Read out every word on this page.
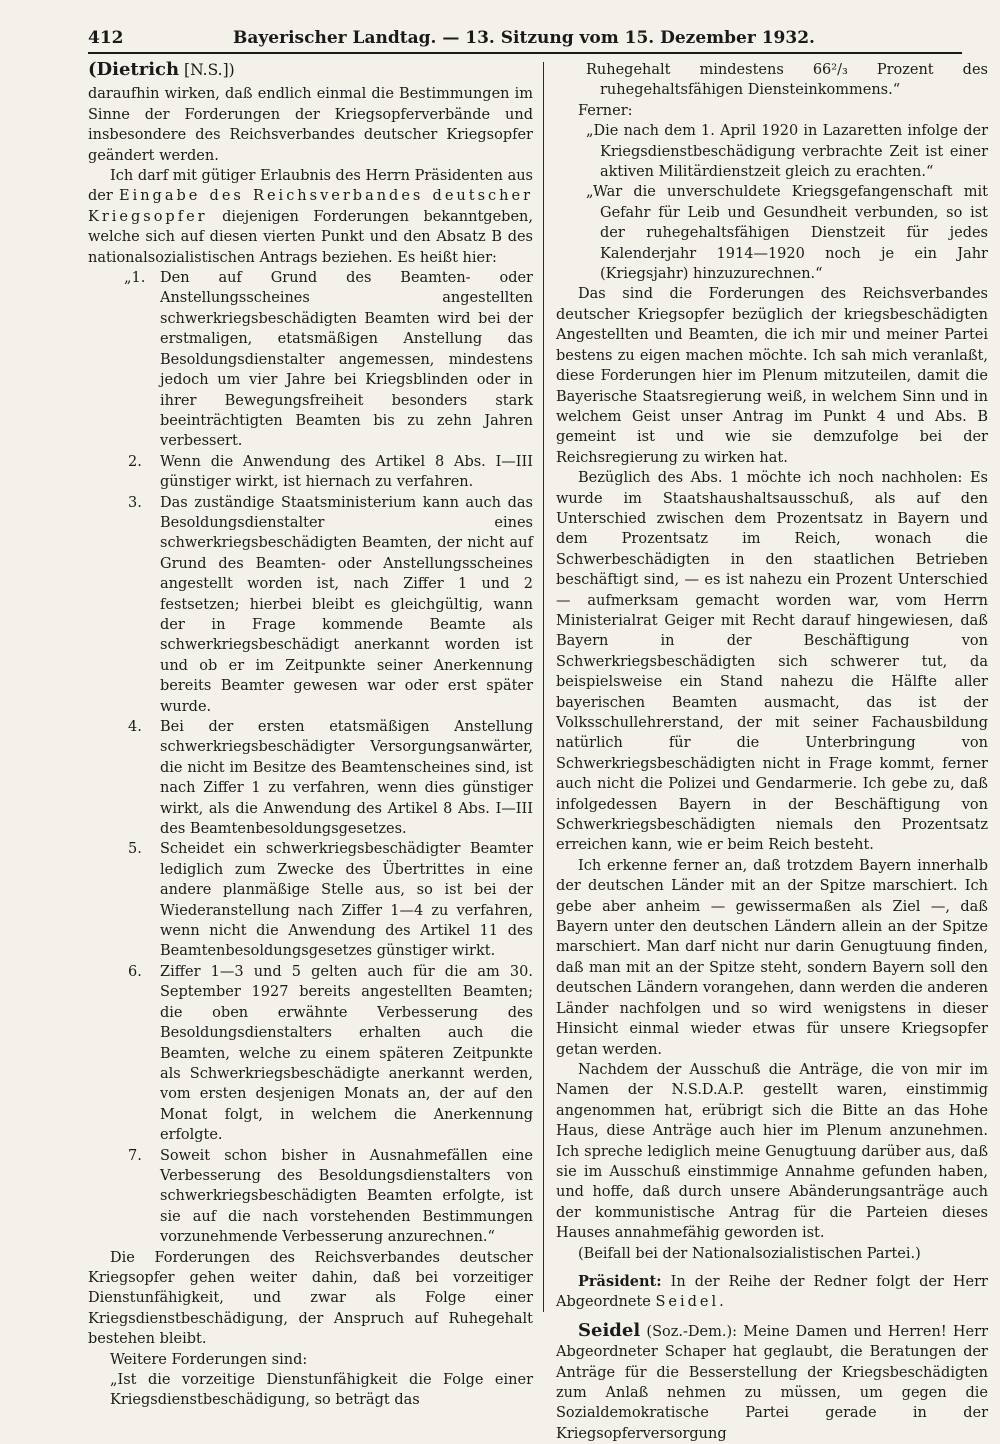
412	Bayerischer Landtag. — 13. Sitzung vom 15. Dezember 1932.

(Dietrich [N.S.])

daraufhin wirken, daß endlich einmal die Bestimmungen im Sinne der Forderungen der Kriegsopferverbände und insbesondere des Reichsverbandes deutscher Kriegsopfer geändert werden.

Ich darf mit gütiger Erlaubnis des Herrn Präsidenten aus der Eingabe des Reichsverbandes deutscher Kriegsopfer diejenigen Forderungen bekanntgeben, welche sich auf diesen vierten Punkt und den Absatz B des nationalsozialistischen Antrags beziehen. Es heißt hier:

„1. Den auf Grund des Beamten- oder Anstellungsscheines angestellten schwerkriegsbeschädigten Beamten wird bei der erstmaligen, etatsmäßigen Anstellung das Besoldungsdienstalter angemessen, mindestens jedoch um vier Jahre bei Kriegsblinden oder in ihrer Bewegungsfreiheit besonders stark beeinträchtigten Beamten bis zu zehn Jahren verbessert.
2. Wenn die Anwendung des Artikel 8 Abs. I—III günstiger wirkt, ist hiernach zu verfahren.
3. Das zuständige Staatsministerium kann auch das Besoldungsdienstalter eines schwerkriegsbeschädigten Beamten, der nicht auf Grund des Beamten- oder Anstellungsscheines angestellt worden ist, nach Ziffer 1 und 2 festsetzen; hierbei bleibt es gleichgültig, wann der in Frage kommende Beamte als schwerkriegsbeschädigt anerkannt worden ist und ob er im Zeitpunkte seiner Anerkennung bereits Beamter gewesen war oder erst später wurde.
4. Bei der ersten etatsmäßigen Anstellung schwerkriegsbeschädigter Versorgungsanwärter, die nicht im Besitze des Beamtenscheines sind, ist nach Ziffer 1 zu verfahren, wenn dies günstiger wirkt, als die Anwendung des Artikel 8 Abs. I—III des Beamtenbesoldungsgesetzes.
5. Scheidet ein schwerkriegsbeschädigter Beamter lediglich zum Zwecke des Übertrittes in eine andere planmäßige Stelle aus, so ist bei der Wiederanstellung nach Ziffer 1—4 zu verfahren, wenn nicht die Anwendung des Artikel 11 des Beamtenbesoldungsgesetzes günstiger wirkt.
6. Ziffer 1—3 und 5 gelten auch für die am 30. September 1927 bereits angestellten Beamten; die oben erwähnte Verbesserung des Besoldungsdienstalters erhalten auch die Beamten, welche zu einem späteren Zeitpunkte als Schwerkriegsbeschädigte anerkannt werden, vom ersten desjenigen Monats an, der auf den Monat folgt, in welchem die Anerkennung erfolgte.
7. Soweit schon bisher in Ausnahmefällen eine Verbesserung des Besoldungsdienstalters von schwerkriegsbeschädigten Beamten erfolgte, ist sie auf die nach vorstehenden Bestimmungen vorzunehmende Verbesserung anzurechnen.“

Die Forderungen des Reichsverbandes deutscher Kriegsopfer gehen weiter dahin, daß bei vorzeitiger Dienstunfähigkeit, und zwar als Folge einer Kriegsdienstbeschädigung, der Anspruch auf Ruhegehalt bestehen bleibt.

Weitere Forderungen sind:

„Ist die vorzeitige Dienstunfähigkeit die Folge einer Kriegsdienstbeschädigung, so beträgt das

Ruhegehalt mindestens 66²/₃ Prozent des ruhegehaltsfähigen Diensteinkommens.“

Ferner:

„Die nach dem 1. April 1920 in Lazaretten infolge der Kriegsdienstbeschädigung verbrachte Zeit ist einer aktiven Militärdienstzeit gleich zu erachten.“

„War die unverschuldete Kriegsgefangenschaft mit Gefahr für Leib und Gesundheit verbunden, so ist der ruhegehaltsfähigen Dienstzeit für jedes Kalenderjahr 1914—1920 noch je ein Jahr (Kriegsjahr) hinzuzurechnen.“

Das sind die Forderungen des Reichsverbandes deutscher Kriegsopfer bezüglich der kriegsbeschädigten Angestellten und Beamten, die ich mir und meiner Partei bestens zu eigen machen möchte. Ich sah mich veranlaßt, diese Forderungen hier im Plenum mitzuteilen, damit die Bayerische Staatsregierung weiß, in welchem Sinn und in welchem Geist unser Antrag im Punkt 4 und Abs. B gemeint ist und wie sie demzufolge bei der Reichsregierung zu wirken hat.

Bezüglich des Abs. 1 möchte ich noch nachholen: Es wurde im Staatshaushaltsausschuß, als auf den Unterschied zwischen dem Prozentsatz in Bayern und dem Prozentsatz im Reich, wonach die Schwerbeschädigten in den staatlichen Betrieben beschäftigt sind, — es ist nahezu ein Prozent Unterschied — aufmerksam gemacht worden war, vom Herrn Ministerialrat Geiger mit Recht darauf hingewiesen, daß Bayern in der Beschäftigung von Schwerkriegsbeschädigten sich schwerer tut, da beispielsweise ein Stand nahezu die Hälfte aller bayerischen Beamten ausmacht, das ist der Volksschullehrerstand, der mit seiner Fachausbildung natürlich für die Unterbringung von Schwerkriegsbeschädigten nicht in Frage kommt, ferner auch nicht die Polizei und Gendarmerie. Ich gebe zu, daß infolgedessen Bayern in der Beschäftigung von Schwerkriegsbeschädigten niemals den Prozentsatz erreichen kann, wie er beim Reich besteht.

Ich erkenne ferner an, daß trotzdem Bayern innerhalb der deutschen Länder mit an der Spitze marschiert. Ich gebe aber anheim — gewissermaßen als Ziel —, daß Bayern unter den deutschen Ländern allein an der Spitze marschiert. Man darf nicht nur darin Genugtuung finden, daß man mit an der Spitze steht, sondern Bayern soll den deutschen Ländern vorangehen, dann werden die anderen Länder nachfolgen und so wird wenigstens in dieser Hinsicht einmal wieder etwas für unsere Kriegsopfer getan werden.

Nachdem der Ausschuß die Anträge, die von mir im Namen der N.S.D.A.P. gestellt waren, einstimmig angenommen hat, erübrigt sich die Bitte an das Hohe Haus, diese Anträge auch hier im Plenum anzunehmen. Ich spreche lediglich meine Genugtuung darüber aus, daß sie im Ausschuß einstimmige Annahme gefunden haben, und hoffe, daß durch unsere Abänderungsanträge auch der kommunistische Antrag für die Parteien dieses Hauses annahmefähig geworden ist.

(Beifall bei der Nationalsozialistischen Partei.)

Präsident: In der Reihe der Redner folgt der Herr Abgeordnete Seidel.

Seidel (Soz.-Dem.): Meine Damen und Herren! Herr Abgeordneter Schaper hat geglaubt, die Beratungen der Anträge für die Besserstellung der Kriegsbeschädigten zum Anlaß nehmen zu müssen, um gegen die Sozialdemokratische Partei gerade in der Kriegsopferversorgung
